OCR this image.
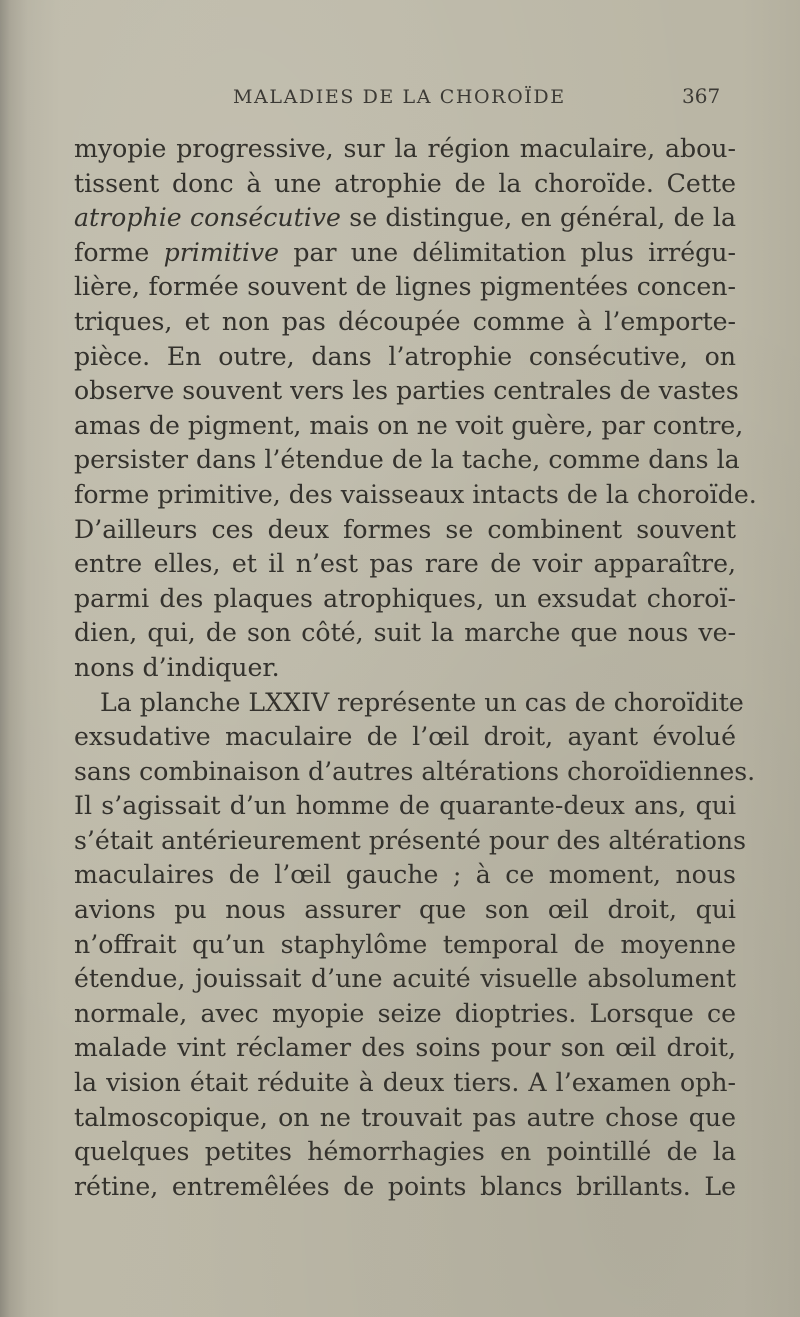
MALADIES DE LA CHOROÏDE	367
myopie progressive, sur la région maculaire, abou-
tissent donc à une atrophie de la choroïde. Cette
atrophie consécutive se distingue, en général, de la
forme primitive par une délimitation plus irrégu-
lière, formée souvent de lignes pigmentées concen-
triques, et non pas découpée comme à l’emporte-
pièce. En outre, dans l’atrophie consécutive, on
observe souvent vers les parties centrales de vastes
amas de pigment, mais on ne voit guère, par contre,
persister dans l’étendue de la tache, comme dans la
forme primitive, des vaisseaux intacts de la choroïde.
D’ailleurs ces deux formes se combinent souvent
entre elles, et il n’est pas rare de voir apparaître,
parmi des plaques atrophiques, un exsudat choroï-
dien, qui, de son côté, suit la marche que nous ve-
nons d’indiquer.
La planche LXXIV représente un cas de choroïdite
exsudative maculaire de l’œil droit, ayant évolué
sans combinaison d’autres altérations choroïdiennes.
Il s’agissait d’un homme de quarante-deux ans, qui
s’était antérieurement présenté pour des altérations
maculaires de l’œil gauche ; à ce moment, nous
avions pu nous assurer que son œil droit, qui
n’offrait qu’un staphylôme temporal de moyenne
étendue, jouissait d’une acuité visuelle absolument
normale, avec myopie seize dioptries. Lorsque ce
malade vint réclamer des soins pour son œil droit,
la vision était réduite à deux tiers. A l’examen oph-
talmoscopique, on ne trouvait pas autre chose que
quelques petites hémorrhagies en pointillé de la
rétine, entremêlées de points blancs brillants. Le
